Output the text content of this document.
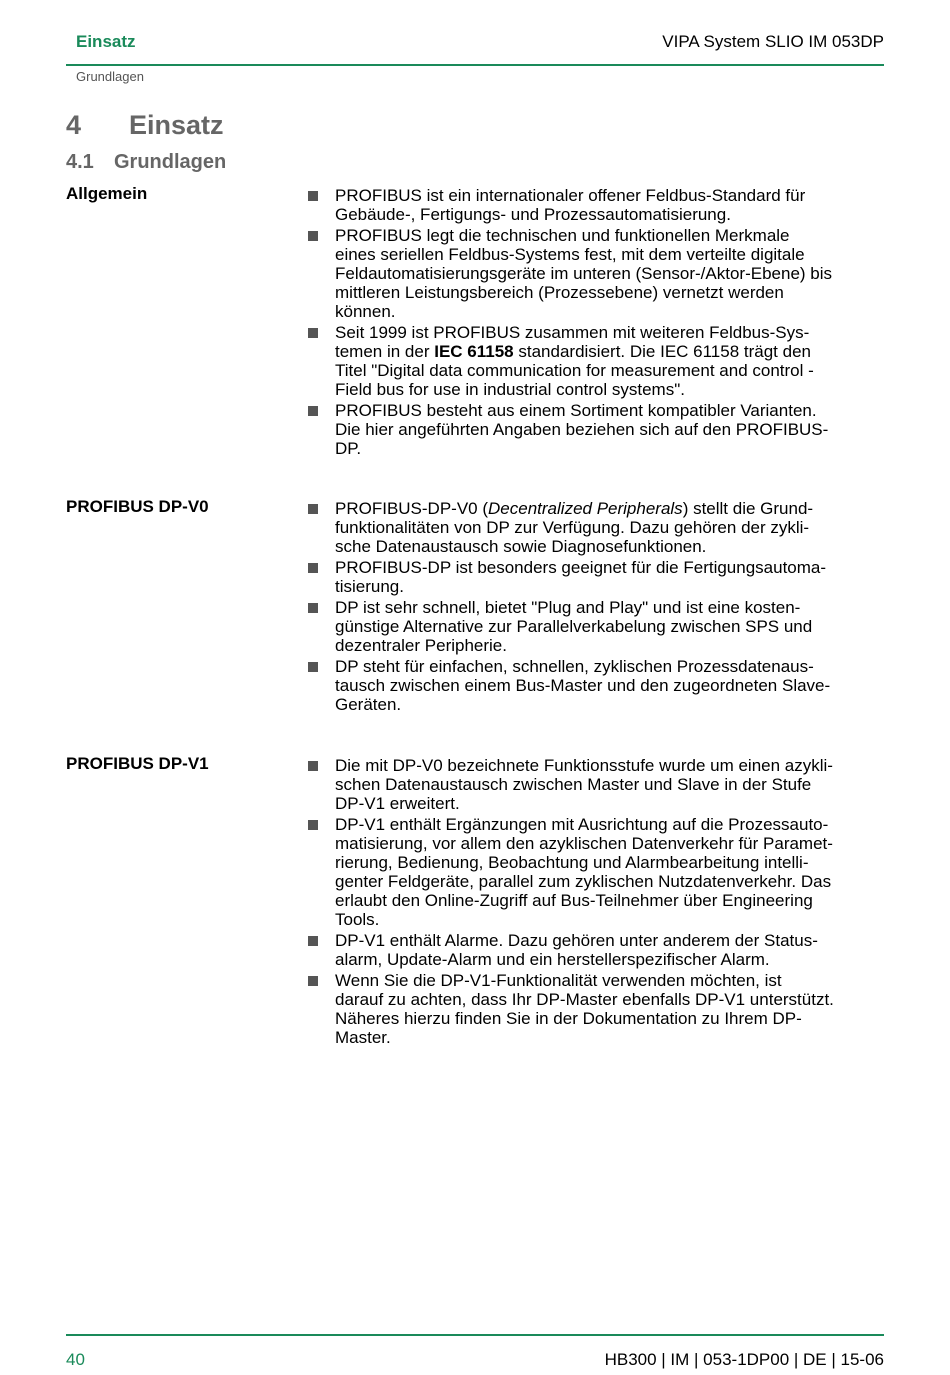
Einsatz	VIPA System SLIO IM 053DP
Grundlagen
4 Einsatz
4.1 Grundlagen
Allgemein	PROFIBUS ist ein internationaler offener Feldbus-Standard für
Gebäude-, Fertigungs- und Prozessautomatisierung.
PROFIBUS legt die technischen und funktionellen Merkmale
eines seriellen Feldbus-Systems fest, mit dem verteilte digitale
Feldautomatisierungsgeräte im unteren (Sensor-/Aktor-Ebene) bis
mittleren Leistungsbereich (Prozessebene) vernetzt werden
können.
Seit 1999 ist PROFIBUS zusammen mit weiteren Feldbus-Sys-
temen in der IEC 61158 standardisiert. Die IEC 61158 trägt den
Titel "Digital data communication for measurement and control -
Field bus for use in industrial control systems".
PROFIBUS besteht aus einem Sortiment kompatibler Varianten.
Die hier angeführten Angaben beziehen sich auf den PROFIBUS-
DP.
PROFIBUS DP-V0	PROFIBUS-DP-V0 (Decentralized Peripherals) stellt die Grund-
funktionalitäten von DP zur Verfügung. Dazu gehören der zykli-
sche Datenaustausch sowie Diagnosefunktionen.
PROFIBUS-DP ist besonders geeignet für die Fertigungsautoma-
tisierung.
DP ist sehr schnell, bietet "Plug and Play" und ist eine kosten-
günstige Alternative zur Parallelverkabelung zwischen SPS und
dezentraler Peripherie.
DP steht für einfachen, schnellen, zyklischen Prozessdatenaus-
tausch zwischen einem Bus-Master und den zugeordneten Slave-
Geräten.
PROFIBUS DP-V1	Die mit DP-V0 bezeichnete Funktionsstufe wurde um einen azykli-
schen Datenaustausch zwischen Master und Slave in der Stufe
DP-V1 erweitert.
DP-V1 enthält Ergänzungen mit Ausrichtung auf die Prozessauto-
matisierung, vor allem den azyklischen Datenverkehr für Paramet-
rierung, Bedienung, Beobachtung und Alarmbearbeitung intelli-
genter Feldgeräte, parallel zum zyklischen Nutzdatenverkehr. Das
erlaubt den Online-Zugriff auf Bus-Teilnehmer über Engineering
Tools.
DP-V1 enthält Alarme. Dazu gehören unter anderem der Status-
alarm, Update-Alarm und ein herstellerspezifischer Alarm.
Wenn Sie die DP-V1-Funktionalität verwenden möchten, ist
darauf zu achten, dass Ihr DP-Master ebenfalls DP-V1 unterstützt.
Näheres hierzu finden Sie in der Dokumentation zu Ihrem DP-
Master.
40	HB300 | IM | 053-1DP00 | DE | 15-06
